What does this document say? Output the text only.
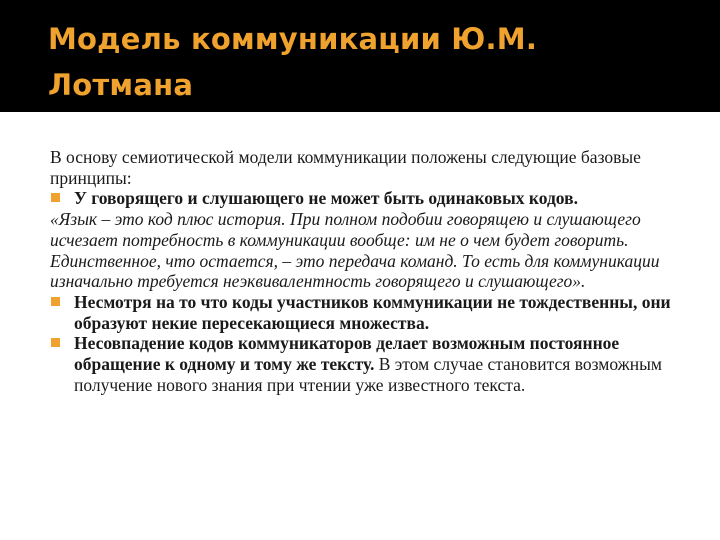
Модель коммуникации Ю.М. Лотмана

В основу семиотической модели коммуникации положены следующие базовые принципы:

У говорящего и слушающего не может быть одинаковых кодов.

«Язык – это код плюс история. При полном подобии говорящею и слушающего исчезает потребность в коммуникации вообще: им не о чем будет говорить. Единственное, что остается, – это передача команд. То есть для коммуникации изначально требуется неэквивалентность говорящего и слушающего».

Несмотря на то что коды участников коммуникации не тождественны, они образуют некие пересекающиеся множества.
Несовпадение кодов коммуникаторов делает возможным постоянное обращение к одному и тому же тексту. В этом случае становится возможным получение нового знания при чтении уже известного текста.
